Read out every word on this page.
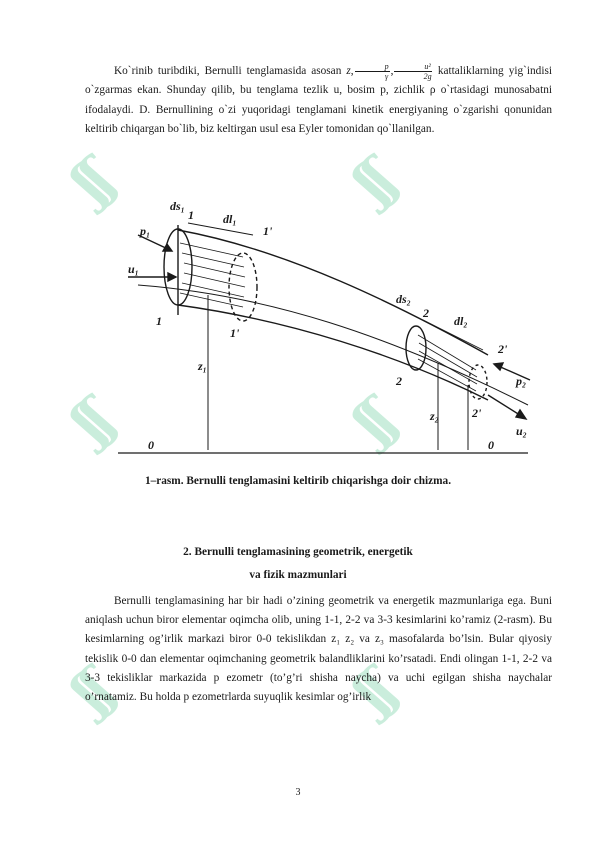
ʃʃ	ʃʃ
ʃʃ	ʃʃ
ʃʃ	ʃʃ

Ko`rinib turibdiki, Bernulli tenglamasida asosan z, $\frac{p}{\gamma}$ , $\frac{\text{u²}}{2g}$ kattaliklarning yig`indisi o`zgarmas ekan. Shunday qilib, bu tenglama tezlik u, bosim p, zichlik ρ o`rtasidagi munosabatni ifodalaydi. D. Bernullining o`zi yuqoridagi tenglamani kinetik energiyaning o`zgarishi qonunidan keltirib chiqargan bo`lib, biz keltirgan usul esa Eyler tomonidan qo`llanilgan.

ds₁
1 dl₁
1'
p₁
u₁
1
1'
z₁
ds₂
2
dl₂
2'
2
2'
z₂
p₂
u₂
0	0
1–rasm. Bernulli tenglamasini keltirib chiqarishga doir chizma.
2. Bernulli tenglamasining geometrik, energetik
va fizik mazmunlari

Bernulli tenglamasining har bir hadi o’zining geometrik va energetik mazmunlariga ega. Buni aniqlash uchun biror elementar oqimcha olib, uning 1-1, 2-2 va 3-3 kesimlarini ko’ramiz (2-rasm). Bu kesimlarning og’irlik markazi biror 0-0 tekislikdan z₁ z₂ va z₃ masofalarda bo’lsin. Bular qiyosiy tekislik 0-0 dan elementar oqimchaning geometrik balandliklarini ko’rsatadi. Endi olingan 1-1, 2-2 va 3-3 tekisliklar markazida p ezometr (to’g’ri shisha naycha) va uchi egilgan shisha naychalar o’rnatamiz. Bu holda p ezometrlarda suyuqlik kesimlar og’irlik

3
